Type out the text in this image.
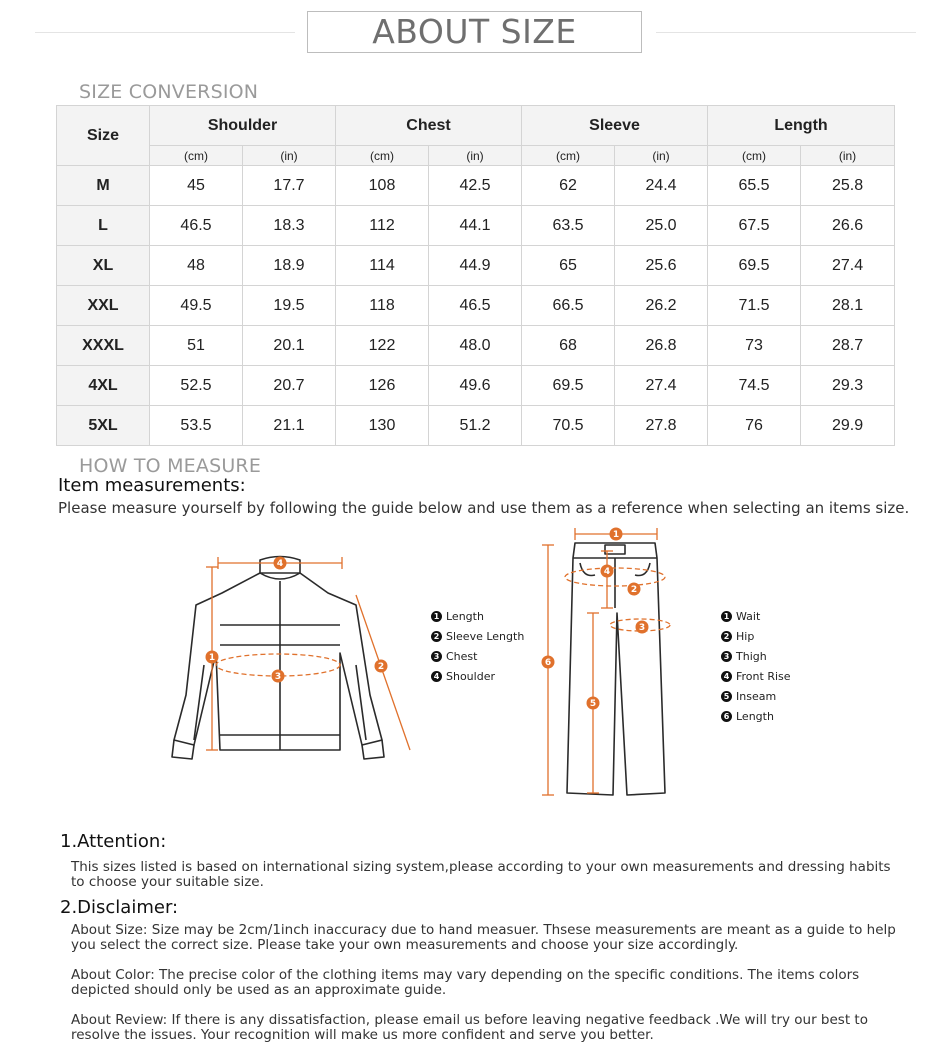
ABOUT SIZE
SIZE CONVERSION
Size	Shoulder		Chest		Sleeve		Length	
	(cm)	(in)	(cm)	(in)	(cm)	(in)	(cm)	(in)
M	45	17.7	108	42.5	62	24.4	65.5	25.8
L	46.5	18.3	112	44.1	63.5	25.0	67.5	26.6
XL	48	18.9	114	44.9	65	25.6	69.5	27.4
XXL	49.5	19.5	118	46.5	66.5	26.2	71.5	28.1
XXXL	51	20.1	122	48.0	68	26.8	73	28.7
4XL	52.5	20.7	126	49.6	69.5	27.4	74.5	29.3
5XL	53.5	21.1	130	51.2	70.5	27.8	76	29.9
HOW TO MEASURE
Item measurements:
Please measure yourself by following the guide below and use them as a reference when selecting an items size.
4
1
2
3
1 Length
2 Sleeve Length
3 Chest
4 Shoulder
1
2
3
4
5
6
1 Wait
2 Hip
3 Thigh
4 Front Rise
5 Inseam
6 Length
1.Attention:
This sizes listed is based on international sizing system,please according to your own measurements and dressing habits to choose your suitable size.
2.Disclaimer:
About Size: Size may be 2cm/1inch inaccuracy due to hand measuer. Thsese measurements are meant as a guide to help you select the correct size. Please take your own measurements and choose your size accordingly.
About Color: The precise color of the clothing items may vary depending on the specific conditions. The items colors depicted should only be used as an approximate guide.
About Review: If there is any dissatisfaction, please email us before leaving negative feedback .We will try our best to resolve the issues. Your recognition will make us more confident and serve you better.
